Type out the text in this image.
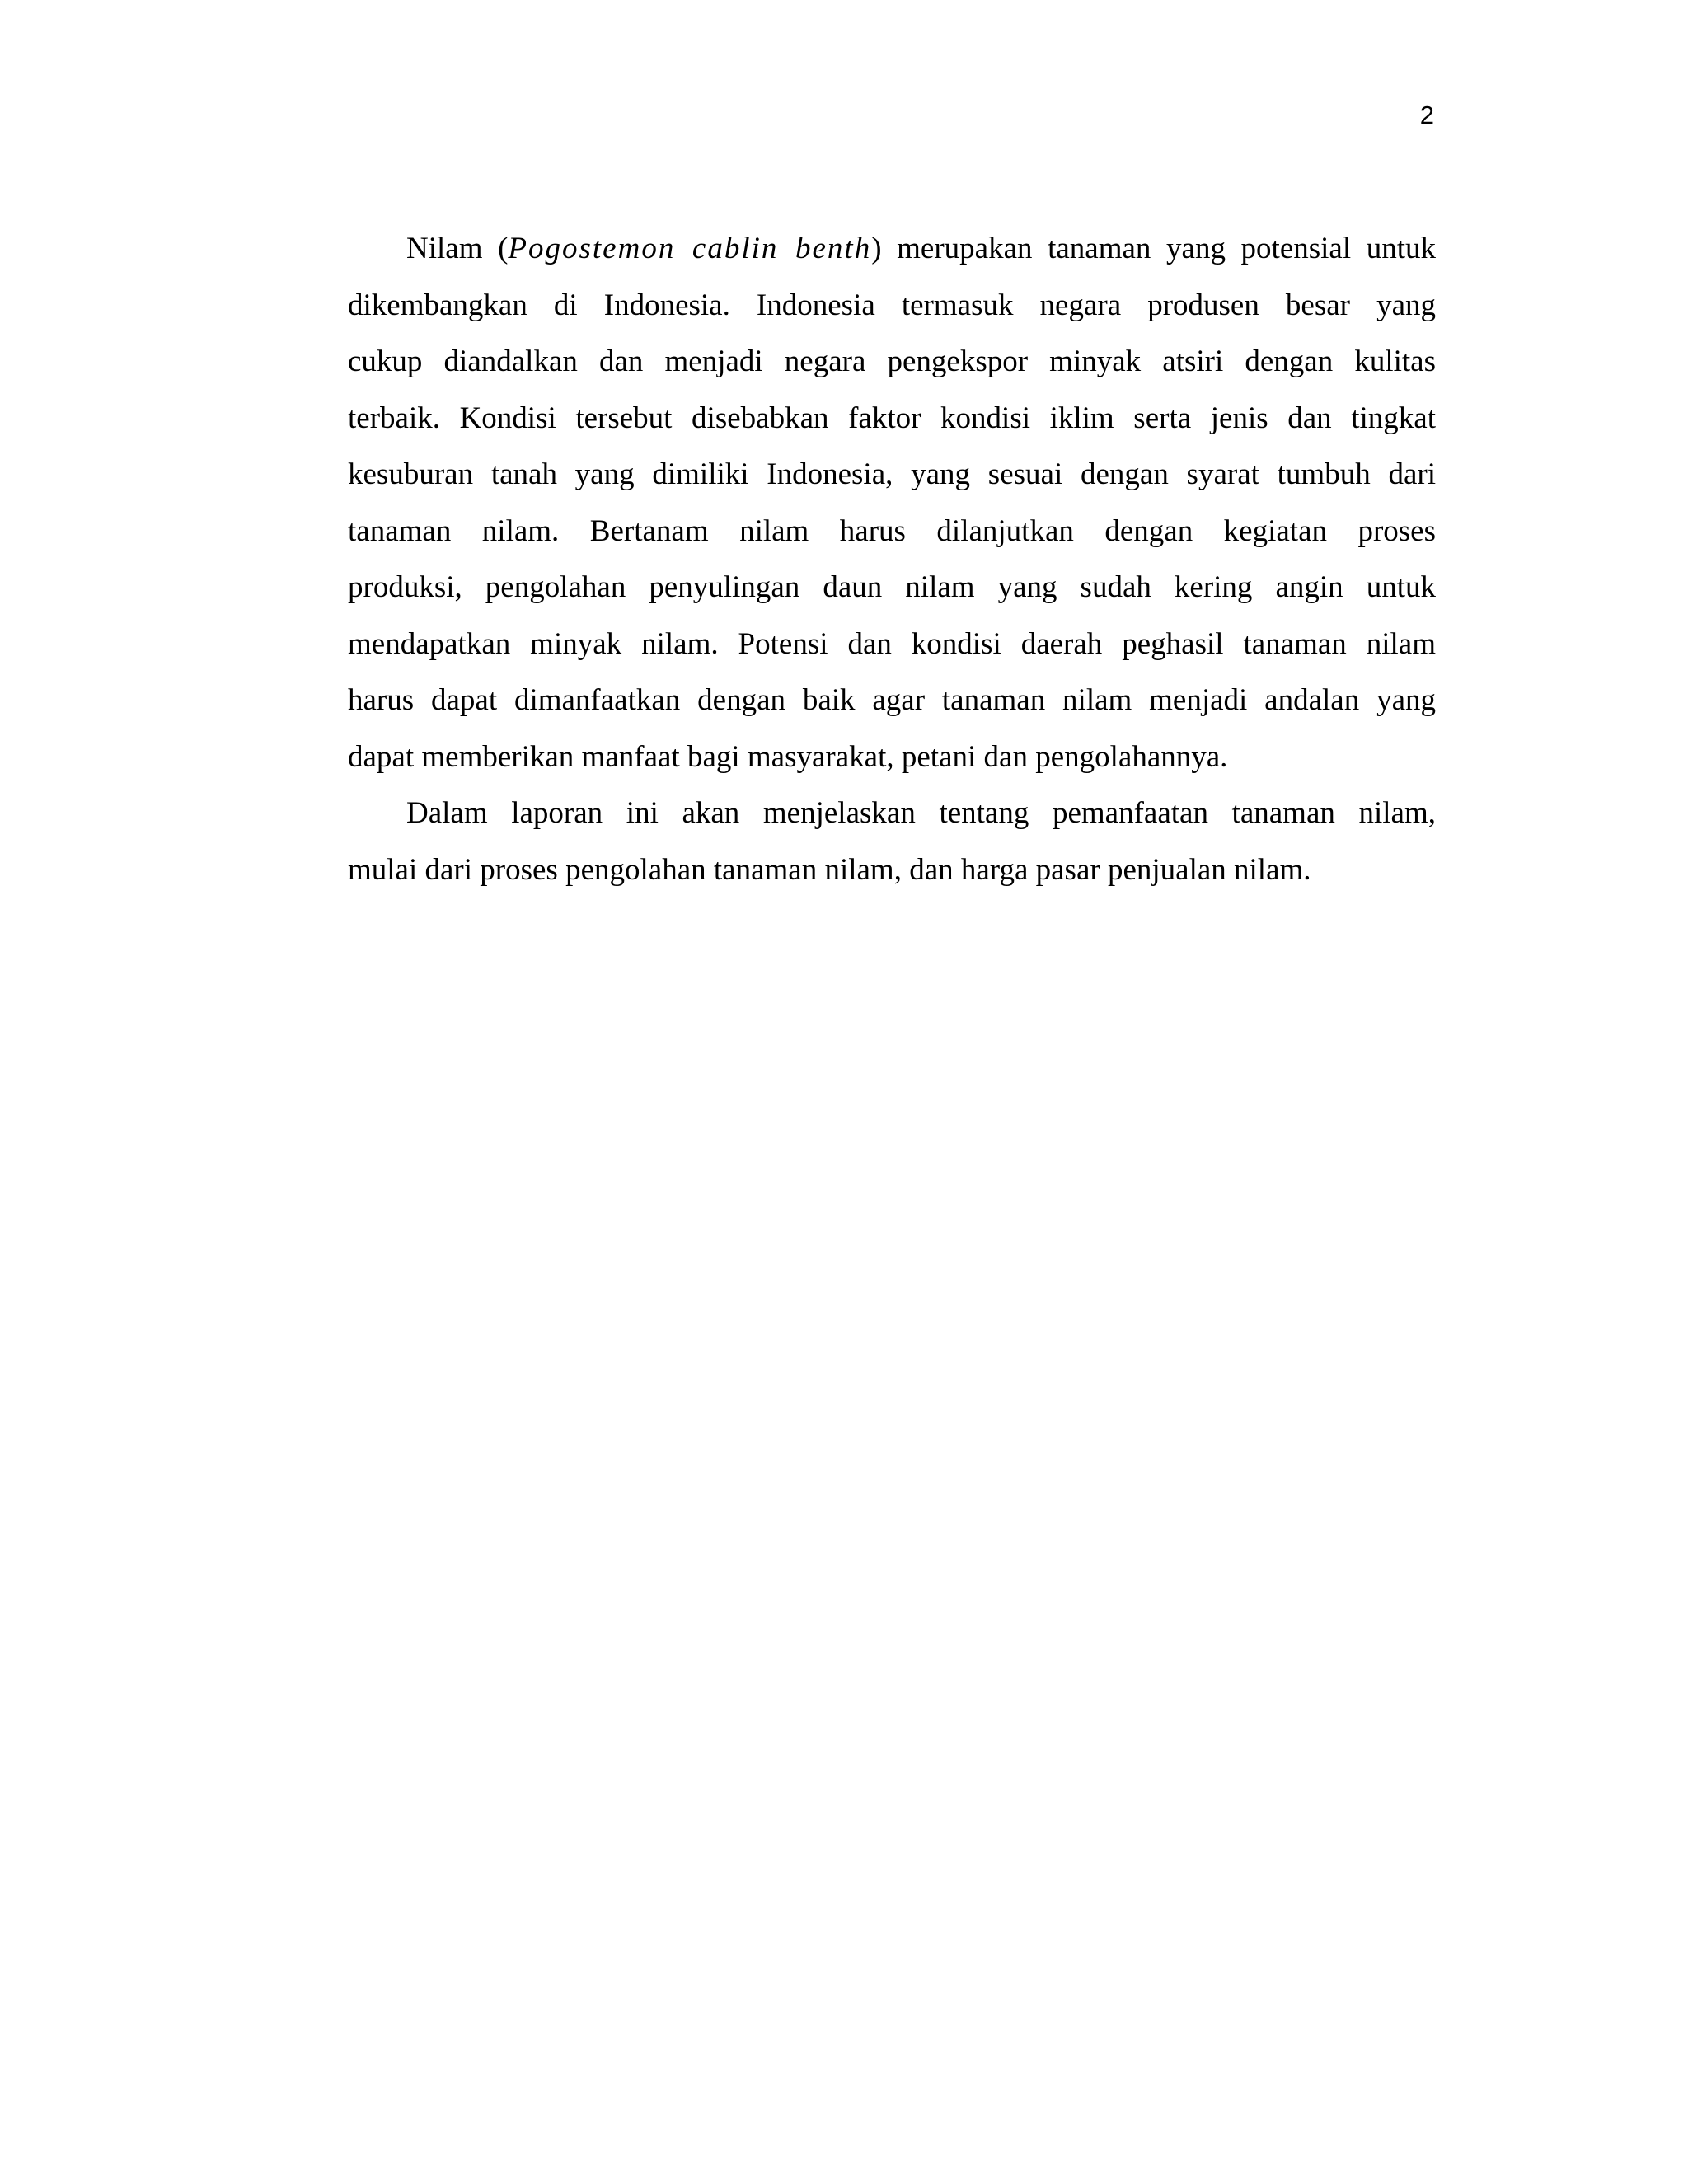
2
Nilam (Pogostemon cablin benth) merupakan tanaman yang potensial untuk
dikembangkan di Indonesia. Indonesia termasuk negara produsen besar yang
cukup diandalkan dan menjadi negara pengekspor minyak atsiri dengan kulitas
terbaik. Kondisi tersebut disebabkan faktor kondisi iklim serta jenis dan tingkat
kesuburan tanah yang dimiliki Indonesia, yang sesuai dengan syarat tumbuh dari
tanaman nilam. Bertanam nilam harus dilanjutkan dengan kegiatan proses
produksi, pengolahan penyulingan daun nilam yang sudah kering angin untuk
mendapatkan minyak nilam. Potensi dan kondisi daerah peghasil tanaman nilam
harus dapat dimanfaatkan dengan baik agar tanaman nilam menjadi andalan yang
dapat memberikan manfaat bagi masyarakat, petani dan pengolahannya.
Dalam laporan ini akan menjelaskan tentang pemanfaatan tanaman nilam,
mulai dari proses pengolahan tanaman nilam, dan harga pasar penjualan nilam.
